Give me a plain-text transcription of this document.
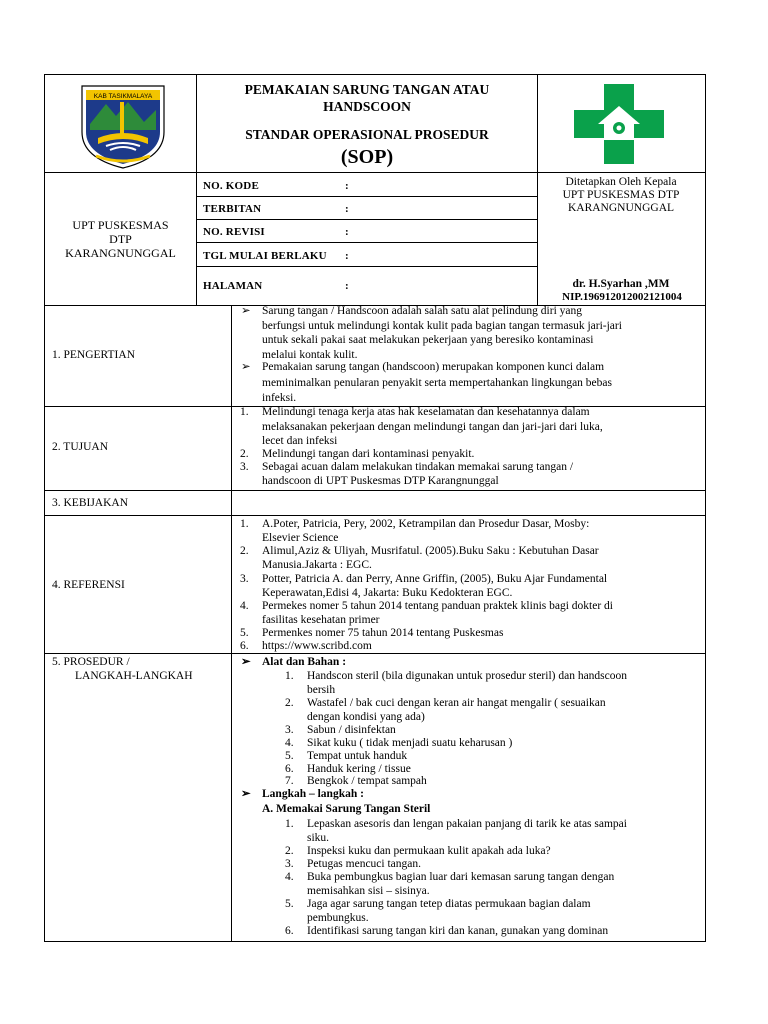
KAB TASIKMALAYA	PEMAKAIAN SARUNG TANGAN ATAU
HANDSCOON
STANDAR OPERASIONAL PROSEDUR
(SOP)
UPT PUSKESMAS
DTP
KARANGNUNGGAL
NO. KODE	:
TERBITAN	:
NO. REVISI	:
TGL MULAI BERLAKU :
HALAMAN	:
Ditetapkan Oleh Kepala
UPT PUSKESMAS DTP
KARANGNUNGGAL
dr. H.Syarhan ,MM
NIP.196912012002121004
1. PENGERTIAN
➢ Sarung tangan / Handscoon adalah salah satu alat pelindung diri yang
berfungsi untuk melindungi kontak kulit pada bagian tangan termasuk jari-jari
untuk sekali pakai saat melakukan pekerjaan yang beresiko kontaminasi
melalui kontak kulit.
➢ Pemakaian sarung tangan (handscoon) merupakan komponen kunci dalam
meminimalkan penularan penyakit serta mempertahankan lingkungan bebas
infeksi.
2. TUJUAN
1. Melindungi tenaga kerja atas hak keselamatan dan kesehatannya dalam
melaksanakan pekerjaan dengan melindungi tangan dan jari-jari dari luka,
lecet dan infeksi
2. Melindungi tangan dari kontaminasi penyakit.
3. Sebagai acuan dalam melakukan tindakan memakai sarung tangan /
handscoon di UPT Puskesmas DTP Karangnunggal
3. KEBIJAKAN
4. REFERENSI
1. A.Poter, Patricia, Pery, 2002, Ketrampilan dan Prosedur Dasar, Mosby:
Elsevier Science
2. Alimul,Aziz & Uliyah, Musrifatul. (2005).Buku Saku : Kebutuhan Dasar
Manusia.Jakarta : EGC.
3. Potter, Patricia A. dan Perry, Anne Griffin, (2005), Buku Ajar Fundamental
Keperawatan,Edisi 4, Jakarta: Buku Kedokteran EGC.
4. Permekes nomer 5 tahun 2014 tentang panduan praktek klinis bagi dokter di
fasilitas kesehatan primer
5. Permenkes nomer 75 tahun 2014 tentang Puskesmas
6. https://www.scribd.com
5. PROSEDUR /
LANGKAH-LANGKAH
➢ Alat dan Bahan :
1. Handscon steril (bila digunakan untuk prosedur steril) dan handscoon
bersih
2. Wastafel / bak cuci dengan keran air hangat mengalir ( sesuaikan
dengan kondisi yang ada)
3. Sabun / disinfektan
4. Sikat kuku ( tidak menjadi suatu keharusan )
5. Tempat untuk handuk
6. Handuk kering / tissue
7. Bengkok / tempat sampah
➢ Langkah – langkah :
A. Memakai Sarung Tangan Steril
1. Lepaskan asesoris dan lengan pakaian panjang di tarik ke atas sampai
siku.
2. Inspeksi kuku dan permukaan kulit apakah ada luka?
3. Petugas mencuci tangan.
4. Buka pembungkus bagian luar dari kemasan sarung tangan dengan
memisahkan sisi – sisinya.
5. Jaga agar sarung tangan tetep diatas permukaan bagian dalam
pembungkus.
6. Identifikasi sarung tangan kiri dan kanan, gunakan yang dominan
